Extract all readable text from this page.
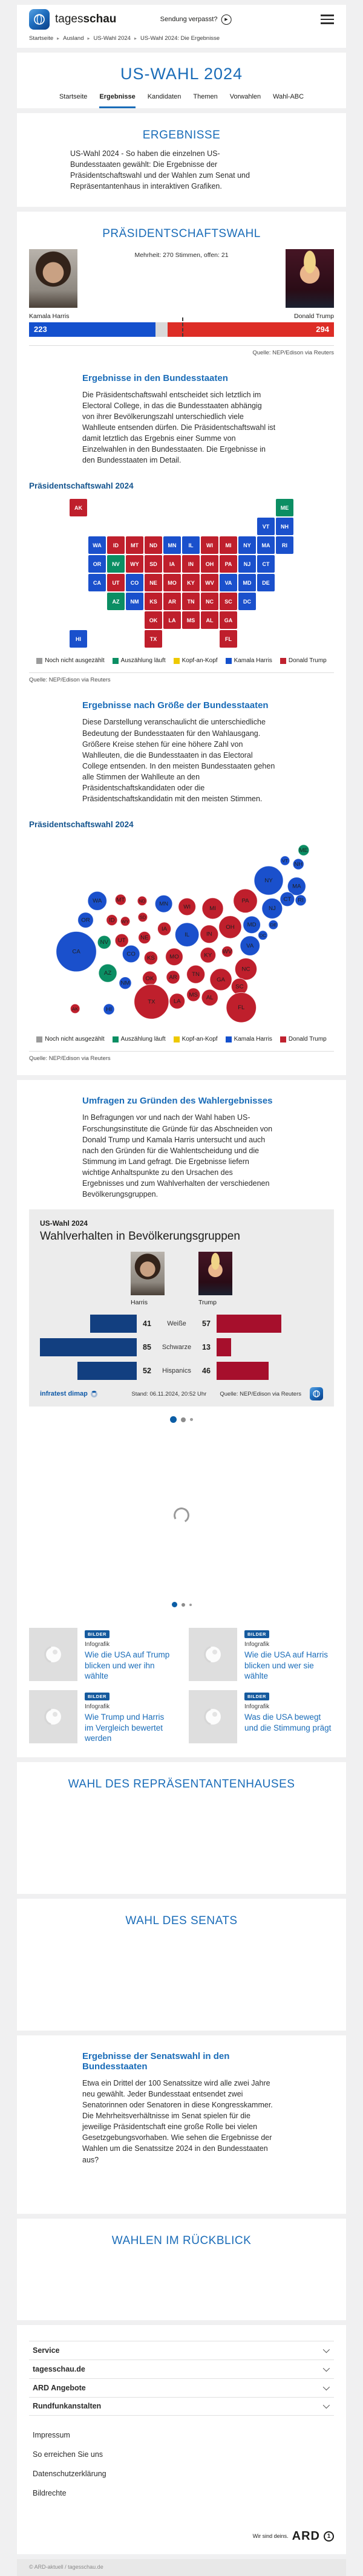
tagesschau	Sendung verpasst?	▶
Startseite ▸ Ausland ▸ US-Wahl 2024 ▸ US-Wahl 2024: Die Ergebnisse
US-WAHL 2024
Startseite Ergebnisse Kandidaten Themen Vorwahlen Wahl-ABC
ERGEBNISSE

US-Wahl 2024 - So haben die einzelnen US-Bundesstaaten gewählt: Die Ergebnisse der Präsidentschaftswahl und der Wahlen zum Senat und Repräsentantenhaus in interaktiven Grafiken.

PRÄSIDENTSCHAFTSWAHL
Mehrheit: 270 Stimmen, offen: 21
Kamala Harris	Donald Trump
223	294
Quelle: NEP/Edison via Reuters
Ergebnisse in den Bundesstaaten

Die Präsidentschaftswahl entscheidet sich letztlich im Electoral College, in das die Bundesstaaten abhängig von ihrer Bevölkerungszahl unterschiedlich viele Wahlleute entsenden dürfen. Die Präsidentschaftswahl ist damit letztlich das Ergebnis einer Summe von Einzelwahlen in den Bundesstaaten. Die Ergebnisse in den Bundesstaaten im Detail.

Präsidentschaftswahl 2024
AK	ME
VT	NH
WA	ID	MT	ND	MN	IL	WI	MI	NY	MA	RI
OR	NV	WY	SD	IA	IN	OH	PA	NJ	CT
CA	UT	CO	NE	MO	KY	WV	VA	MD	DE
AZ	NM	KS	AR	TN	NC	SC	DC
OK	LA	MS	AL	GA
HI	TX	FL
Noch nicht ausgezählt	Auszählung läuft	Kopf-an-Kopf	Kamala Harris	Donald Trump
Quelle: NEP/Edison via Reuters
Ergebnisse nach Größe der Bundesstaaten

Diese Darstellung veranschaulicht die unterschiedliche Bedeutung der Bundesstaaten für den Wahlausgang. Größere Kreise stehen für eine höhere Zahl von Wahlleuten, die die Bundesstaaten in das Electoral College entsenden. In den meisten Bundesstaaten gehen alle Stimmen der Wahlleute an den Präsidentschaftskandidaten oder die Präsidentschaftskandidatin mit den meisten Stimmen.

Präsidentschaftswahl 2024
AK
ME
VT
NH
WA
ID
MT	ND MN
IL
WI	MI
NY
MA
RI
OR
NV
WY
SD
IA
IN
OH
PA
NJ
CT
CA
UT
CO
NE
MO	KY
WV
VA
MD	DE
AZ
NM
KS
AR TN
NC
SC
DC
OK
LA
MS AL
GA
HI
TX
FL
Noch nicht ausgezählt	Auszählung läuft	Kopf-an-Kopf	Kamala Harris	Donald Trump
Quelle: NEP/Edison via Reuters
Umfragen zu Gründen des Wahlergebnisses

In Befragungen vor und nach der Wahl haben US-Forschungsinstitute die Gründe für das Abschneiden von Donald Trump und Kamala Harris untersucht und auch nach den Gründen für die Wahlentscheidung und die Stimmung im Land gefragt. Die Ergebnisse liefern wichtige Anhaltspunkte zu den Ursachen des Ergebnisses und zum Wahlverhalten der verschiedenen Bevölkerungsgruppen.

US-Wahl 2024
Wahlverhalten in Bevölkerungsgruppen
Harris	Trump
41	Weiße	57
85	Schwarze	13
52	Hispanics	46
infratest dimap	Stand: 06.11.2024, 20:52 Uhr Quelle: NEP/Edison via Reuters
BILDER
Infografik
Wie die USA auf Trump blicken und wer ihn wählte
BILDER
Infografik
Wie die USA auf Harris blicken und wer sie wählte
BILDER
Infografik
Wie Trump und Harris im Vergleich bewertet werden
BILDER
Infografik
Was die USA bewegt und die Stimmung prägt
WAHL DES REPRÄSENTANTENHAUSES
WAHL DES SENATS
Ergebnisse der Senatswahl in den Bundesstaaten

Etwa ein Drittel der 100 Senatssitze wird alle zwei Jahre neu gewählt. Jeder Bundesstaat entsendet zwei Senatorinnen oder Senatoren in diese Kongresskammer. Die Mehrheitsverhältnisse im Senat spielen für die jeweilige Präsidentschaft eine große Rolle bei vielen Gesetzgebungsvorhaben. Wie sehen die Ergebnisse der Wahlen um die Senatssitze 2024 in den Bundesstaaten aus?

WAHLEN IM RÜCKBLICK
Service
tagesschau.de
ARD Angebote
Rundfunkanstalten
Impressum
So erreichen Sie uns
Datenschutzerklärung
Bildrechte
Wir sind deins. ARD	1
© ARD-aktuell / tagesschau.de
